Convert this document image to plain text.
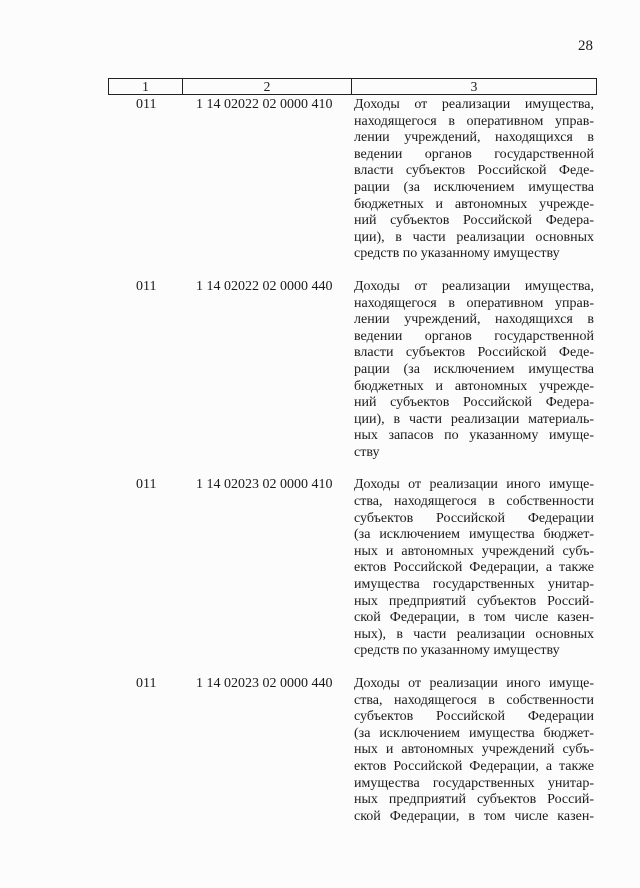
28
1	2	3
011	1 14 02022 02 0000 410 Доходы от реализации имущества,
находящегося в оперативном управ-
лении учреждений, находящихся в
ведении органов государственной
власти субъектов Российской Феде-
рации (за исключением имущества
бюджетных и автономных учрежде-
ний субъектов Российской Федера-
ции), в части реализации основных
средств по указанному имуществу
011	1 14 02022 02 0000 440 Доходы от реализации имущества,
находящегося в оперативном управ-
лении учреждений, находящихся в
ведении органов государственной
власти субъектов Российской Феде-
рации (за исключением имущества
бюджетных и автономных учрежде-
ний субъектов Российской Федера-
ции), в части реализации материаль-
ных запасов по указанному имуще-
ству
011	1 14 02023 02 0000 410 Доходы от реализации иного имуще-
ства, находящегося в собственности
субъектов Российской Федерации
(за исключением имущества бюджет-
ных и автономных учреждений субъ-
ектов Российской Федерации, а также
имущества государственных унитар-
ных предприятий субъектов Россий-
ской Федерации, в том числе казен-
ных), в части реализации основных
средств по указанному имуществу
011	1 14 02023 02 0000 440 Доходы от реализации иного имуще-
ства, находящегося в собственности
субъектов Российской Федерации
(за исключением имущества бюджет-
ных и автономных учреждений субъ-
ектов Российской Федерации, а также
имущества государственных унитар-
ных предприятий субъектов Россий-
ской Федерации, в том числе казен-
